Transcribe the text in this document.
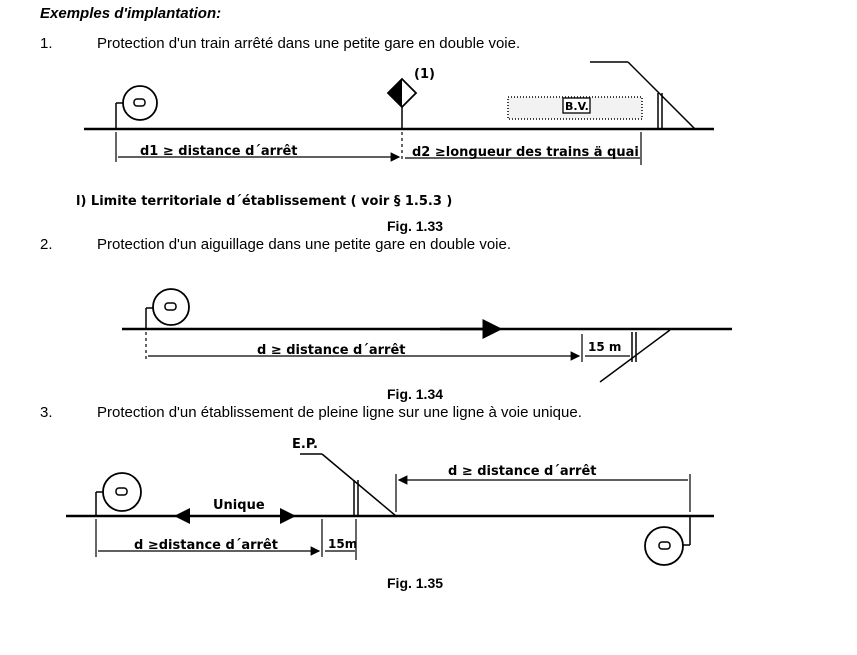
Exemples d'implantation:
1.	Protection d'un train arrêté dans une petite gare en double voie.
2.	Protection d'un aiguillage dans une petite gare en double voie.
3.	Protection d'un établissement de pleine ligne sur une ligne à voie unique.
Fig. 1.33
Fig. 1.34
Fig. 1.35
(1)
B.V.
d1 ≥ distance d´arrêt	d2 ≥longueur des trains ä quai
l) Limite territoriale d´établissement ( voir § 1.5.3 )
d ≥ distance d´arrêt	15 m
Unique
E.P.
d ≥distance d´arrêt	15m
d ≥ distance d´arrêt
